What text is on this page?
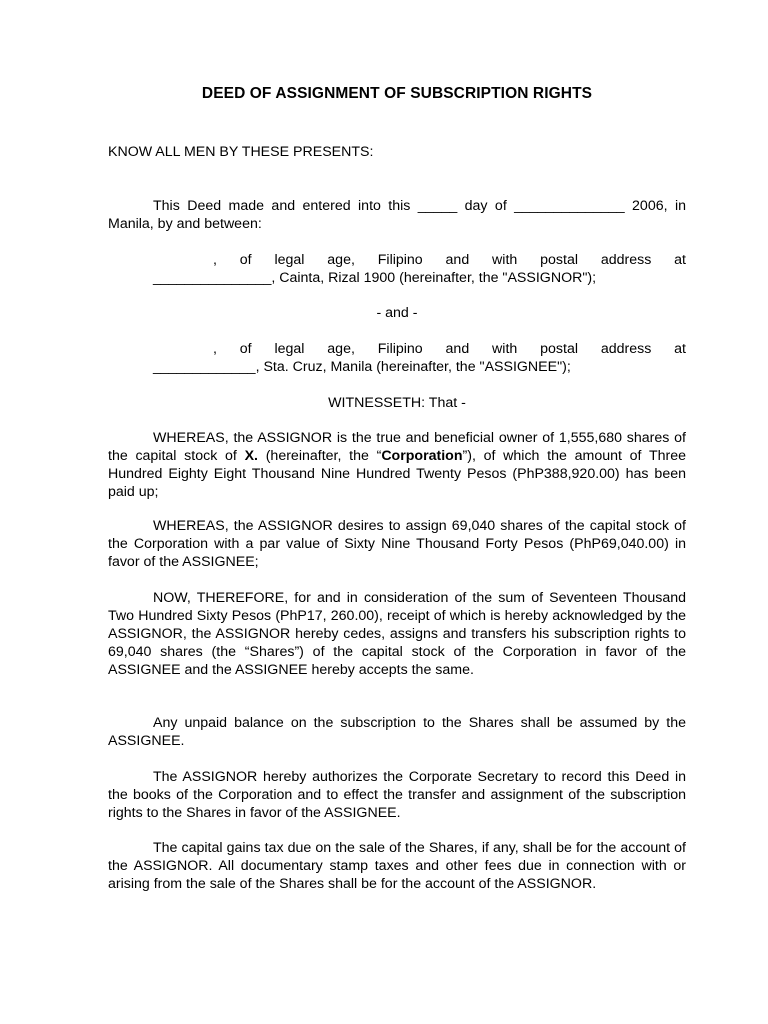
DEED OF ASSIGNMENT OF SUBSCRIPTION RIGHTS
KNOW ALL MEN BY THESE PRESENTS:
This Deed made and entered into this _____ day of ______________ 2006, in
Manila, by and between:
, of legal age, Filipino and with postal address at
_______________, Cainta, Rizal 1900 (hereinafter, the "ASSIGNOR");
- and -
, of legal age, Filipino and with postal address at
_____________, Sta. Cruz, Manila (hereinafter, the "ASSIGNEE");
WITNESSETH: That -
WHEREAS, the ASSIGNOR is the true and beneficial owner of 1,555,680 shares of the capital stock of X. (hereinafter, the “Corporation”), of which the amount of Three Hundred Eighty Eight Thousand Nine Hundred Twenty Pesos (PhP388,920.00) has been paid up;
WHEREAS, the ASSIGNOR desires to assign 69,040 shares of the capital stock of the Corporation with a par value of Sixty Nine Thousand Forty Pesos (PhP69,040.00) in favor of the ASSIGNEE;
NOW, THEREFORE, for and in consideration of the sum of Seventeen Thousand Two Hundred Sixty Pesos (PhP17, 260.00), receipt of which is hereby acknowledged by the ASSIGNOR, the ASSIGNOR hereby cedes, assigns and transfers his subscription rights to 69,040 shares (the “Shares”) of the capital stock of the Corporation in favor of the ASSIGNEE and the ASSIGNEE hereby accepts the same.
Any unpaid balance on the subscription to the Shares shall be assumed by the ASSIGNEE.
The ASSIGNOR hereby authorizes the Corporate Secretary to record this Deed in the books of the Corporation and to effect the transfer and assignment of the subscription rights to the Shares in favor of the ASSIGNEE.
The capital gains tax due on the sale of the Shares, if any, shall be for the account of the ASSIGNOR. All documentary stamp taxes and other fees due in connection with or arising from the sale of the Shares shall be for the account of the ASSIGNOR.
